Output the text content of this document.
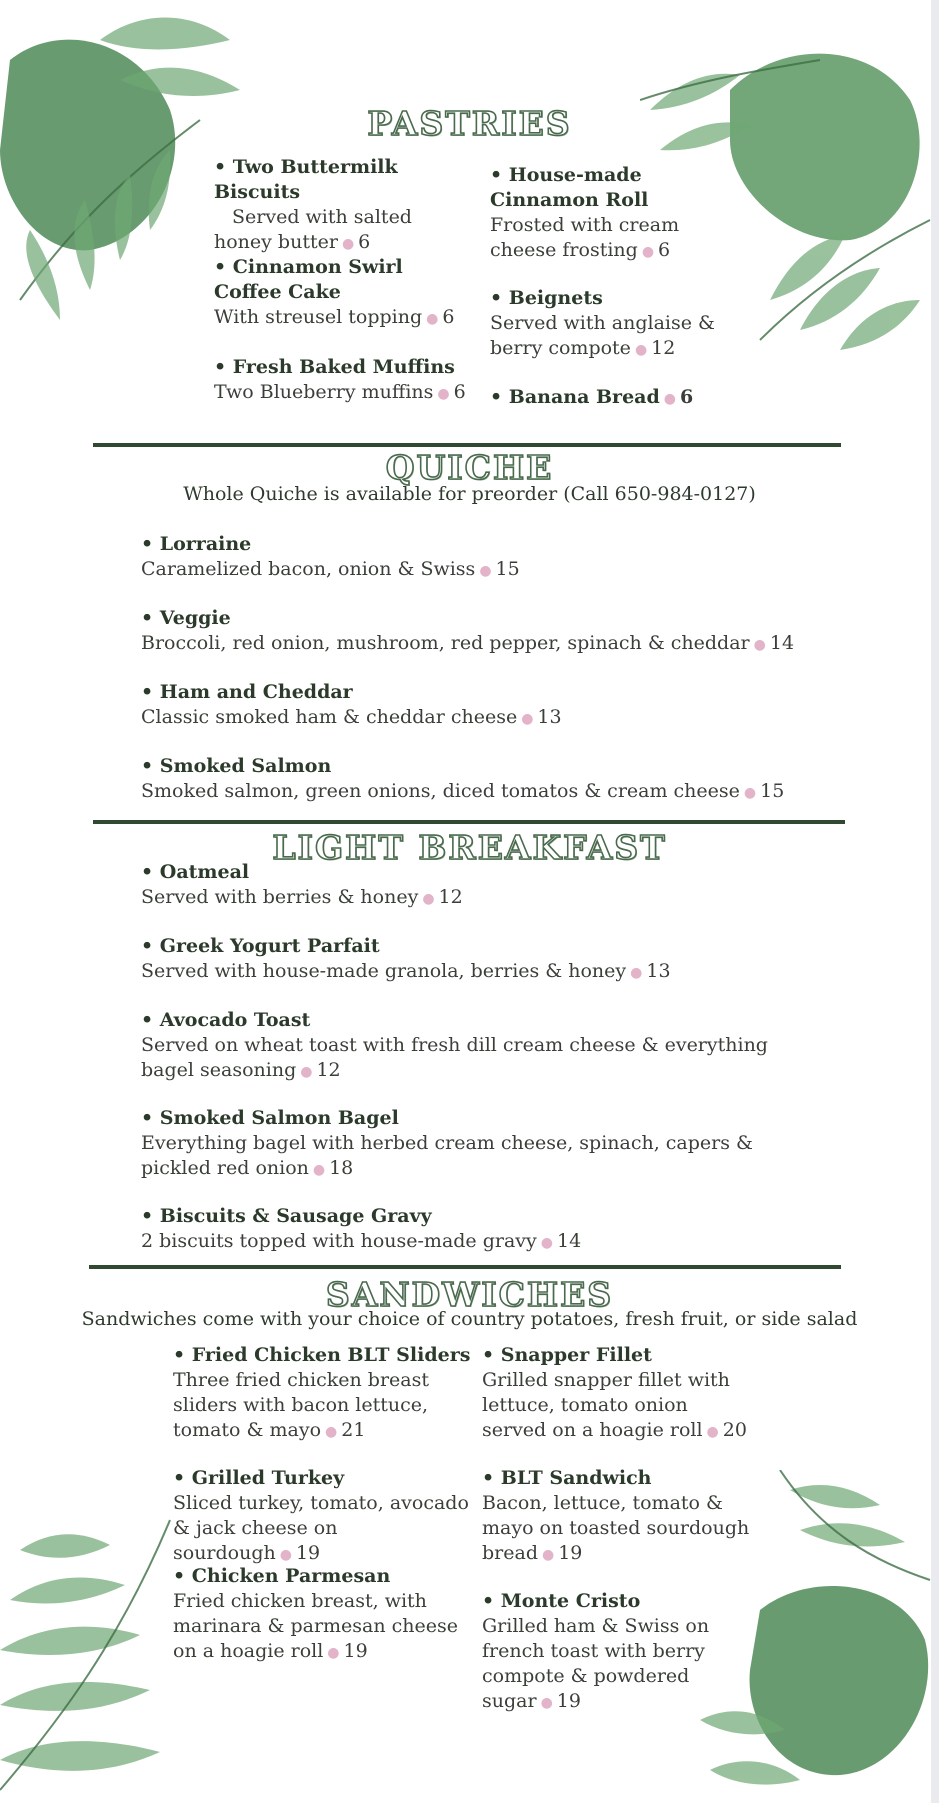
PASTRIES
• Two Buttermilk Biscuits
Served with salted honey butter ● 6
• House-made Cinnamon Roll
Frosted with cream cheese frosting ● 6
• Cinnamon Swirl Coffee Cake
With streusel topping ● 6
• Beignets
Served with anglaise & berry compote ● 12
• Fresh Baked Muffins
Two Blueberry muffins ● 6
•	Banana Bread ● 6
QUICHE
Whole Quiche is available for preorder (Call 650-984-0127)
• Lorraine
Caramelized bacon, onion & Swiss ● 15
• Veggie
Broccoli, red onion, mushroom, red pepper, spinach & cheddar ● 14
• Ham and Cheddar
Classic smoked ham & cheddar cheese ● 13
• Smoked Salmon
Smoked salmon, green onions, diced tomatos & cream cheese ● 15
LIGHT BREAKFAST
• Oatmeal
Served with berries & honey ● 12
• Greek Yogurt Parfait
Served with house-made granola, berries & honey ● 13
• Avocado Toast
Served on wheat toast with fresh dill cream cheese & everything bagel seasoning ● 12
• Smoked Salmon Bagel
Everything bagel with herbed cream cheese, spinach, capers & pickled red onion ● 18
• Biscuits & Sausage Gravy
2 biscuits topped with house-made gravy ● 14
SANDWICHES
Sandwiches come with your choice of country potatoes, fresh fruit, or side salad
• Fried Chicken BLT Sliders
Three fried chicken breast sliders with bacon lettuce, tomato & mayo ● 21
• Snapper Fillet
Grilled snapper fillet with lettuce, tomato onion served on a hoagie roll ● 20
• Grilled Turkey
Sliced turkey, tomato, avocado & jack cheese on sourdough ● 19
• BLT Sandwich
Bacon, lettuce, tomato & mayo on toasted sourdough bread ● 19
• Chicken Parmesan
Fried chicken breast, with marinara & parmesan cheese on a hoagie roll ● 19
• Monte Cristo
Grilled ham & Swiss on french toast with berry compote & powdered sugar ● 19
